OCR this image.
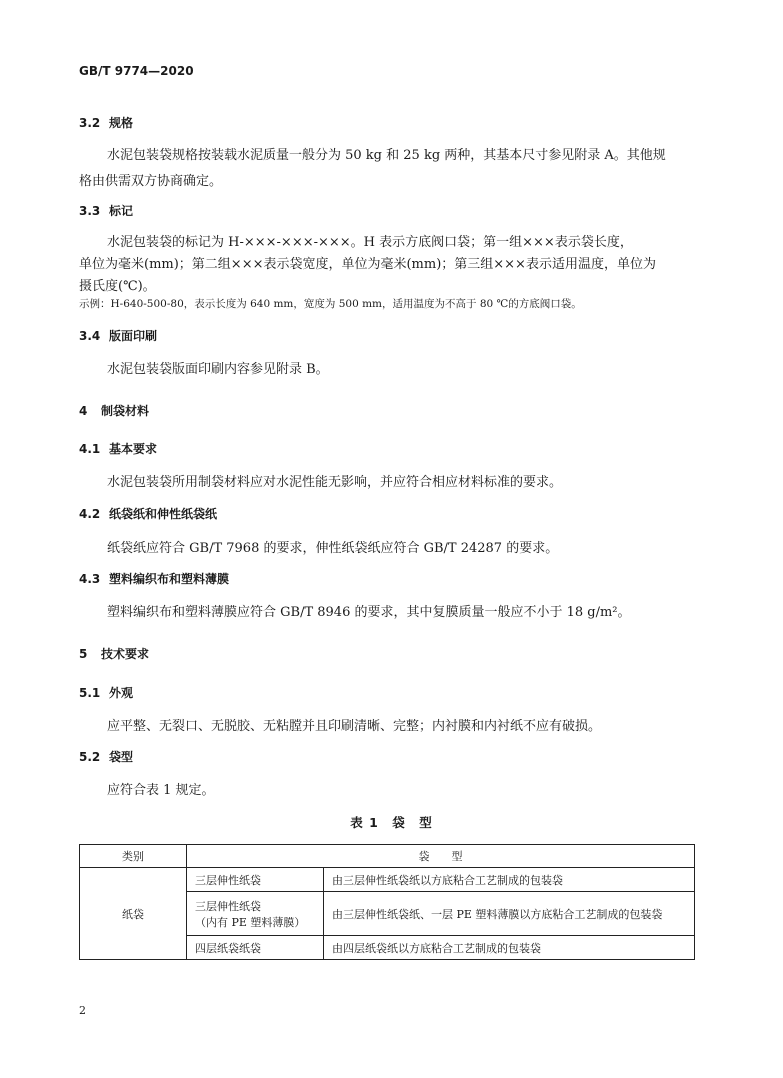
GB/T 9774—2020
3.2 规格
水泥包装袋规格按装载水泥质量一般分为 50 kg 和 25 kg 两种，其基本尺寸参见附录 A。其他规
格由供需双方协商确定。
3.3 标记
水泥包装袋的标记为 H-×××-×××-×××。H 表示方底阀口袋；第一组×××表示袋长度，
单位为毫米(mm)；第二组×××表示袋宽度，单位为毫米(mm)；第三组×××表示适用温度，单位为
摄氏度(℃)。
示例：H-640-500-80，表示长度为 640 mm，宽度为 500 mm，适用温度为不高于 80 ℃的方底阀口袋。
3.4 版面印刷
水泥包装袋版面印刷内容参见附录 B。
4 制袋材料
4.1 基本要求
水泥包装袋所用制袋材料应对水泥性能无影响，并应符合相应材料标准的要求。
4.2 纸袋纸和伸性纸袋纸
纸袋纸应符合 GB/T 7968 的要求，伸性纸袋纸应符合 GB/T 24287 的要求。
4.3 塑料编织布和塑料薄膜
塑料编织布和塑料薄膜应符合 GB/T 8946 的要求，其中复膜质量一般应不小于 18 g/m²。
5 技术要求
5.1 外观
应平整、无裂口、无脱胶、无粘膛并且印刷清晰、完整；内衬膜和内衬纸不应有破损。
5.2 袋型
应符合表 1 规定。
表 1　袋　型
类别	袋　　型	
纸袋	三层伸性纸袋	由三层伸性纸袋纸以方底粘合工艺制成的包装袋

	三层伸性纸袋
（内有 PE 塑料薄膜）	由三层伸性纸袋纸、一层 PE 塑料薄膜以方底粘合工艺制成的包装袋
	四层纸袋纸袋	由四层纸袋纸以方底粘合工艺制成的包装袋
2
